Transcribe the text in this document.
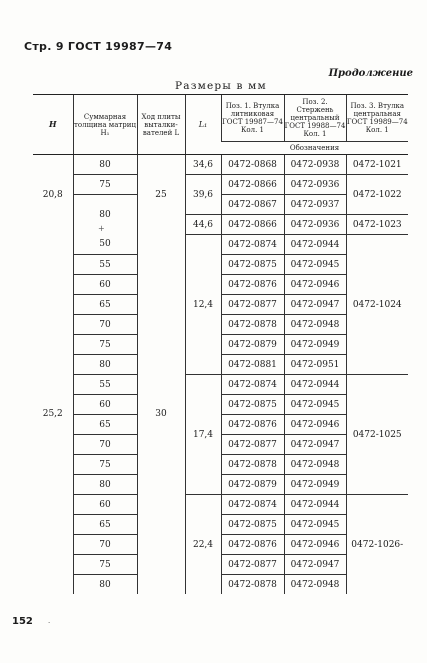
Стр. 9 ГОСТ 19987—74
Продолжение
Размеры в мм
H	Суммарная толщина матриц H₁	Ход плиты выталки-вателей L	L₁	Поз. 1. Втулка литниковая ГОСТ 19987—74 Кол. 1	Поз. 2. Стержень центральный ГОСТ 19988—74 Кол. 1	Поз. 3. Втулка центральная ГОСТ 19989—74 Кол. 1
				Обозначения		
20,8	80	25	34,6	0472-0868	0472-0938	0472-1021
	75		39,6	0472-0866	0472-0936	0472-1022
	80			0472-0867	0472-0937	
			44,6	0472-0866	0472-0936	0472-1023
25,2	50	30	12,4	0472-0874	0472-0944	0472-1024
	55			0472-0875	0472-0945	
	60			0472-0876	0472-0946	
	65			0472-0877	0472-0947	
	70			0472-0878	0472-0948	
	75			0472-0879	0472-0949	
	80			0472-0881	0472-0951	
	55		17,4	0472-0874	0472-0944	0472-1025
	60			0472-0875	0472-0945	
	65			0472-0876	0472-0946	
	70			0472-0877	0472-0947	
	75			0472-0878	0472-0948	
	80			0472-0879	0472-0949	
	60		22,4	0472-0874	0472-0944	0472-1026-
	65			0472-0875	0472-0945	
	70			0472-0876	0472-0946	
	75			0472-0877	0472-0947	
	80			0472-0878	0472-0948	
+
152 ·
